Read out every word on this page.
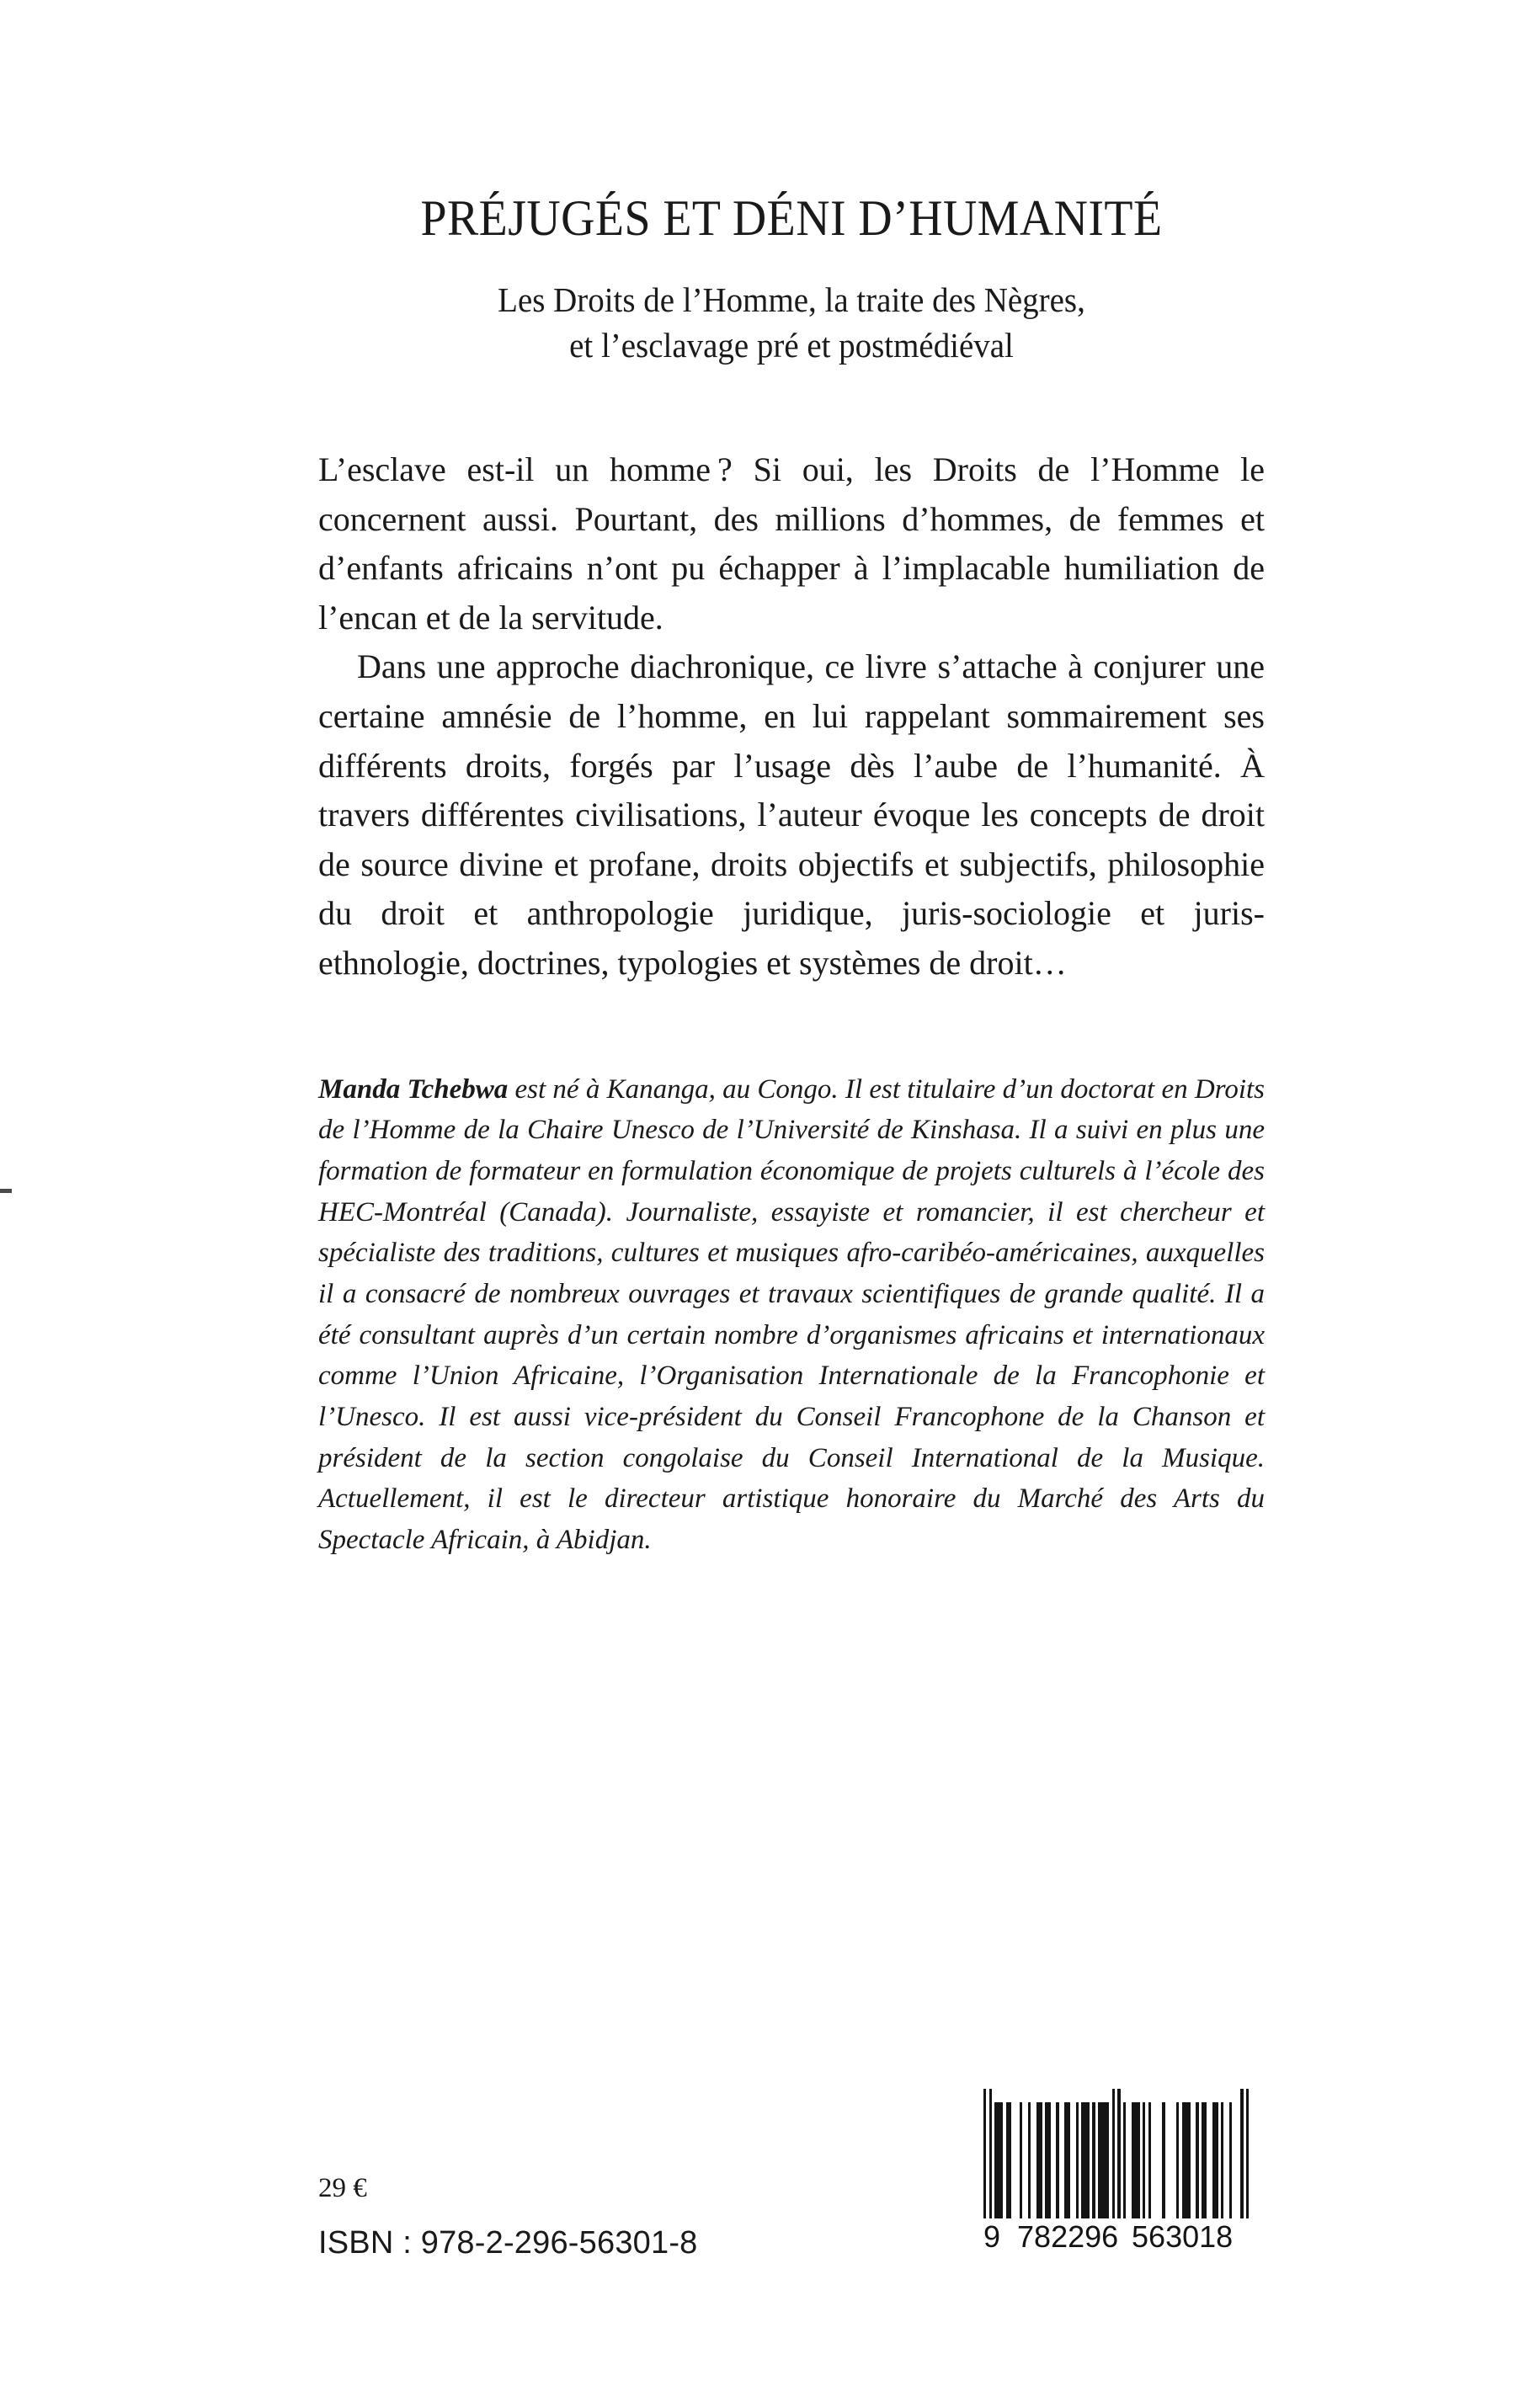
PRÉJUGÉS ET DÉNI D’HUMANITÉ
Les Droits de l’Homme, la traite des Nègres,
et l’esclavage pré et postmédiéval

L’esclave est-il un homme ? Si oui, les Droits de l’Homme le concernent aussi. Pourtant, des millions d’hommes, de femmes et d’enfants africains n’ont pu échapper à l’implacable humiliation de l’encan et de la servitude.

Dans une approche diachronique, ce livre s’attache à conjurer une certaine amnésie de l’homme, en lui rappelant sommairement ses différents droits, forgés par l’usage dès l’aube de l’humanité. À travers différentes civilisations, l’auteur évoque les concepts de droit de source divine et profane, droits objectifs et subjectifs, philosophie du droit et anthropologie juridique, juris-sociologie et juris-ethnologie, doctrines, typologies et systèmes de droit…

Manda Tchebwa est né à Kananga, au Congo. Il est titulaire d’un doctorat en Droits de l’Homme de la Chaire Unesco de l’Université de Kinshasa. Il a suivi en plus une formation de formateur en formulation économique de projets culturels à l’école des HEC-Montréal (Canada). Journaliste, essayiste et romancier, il est chercheur et spécialiste des traditions, cultures et musiques afro-caribéo-américaines, auxquelles il a consacré de nombreux ouvrages et travaux scientifiques de grande qualité. Il a été consultant auprès d’un certain nombre d’organismes africains et internationaux comme l’Union Africaine, l’Organisation Internationale de la Francophonie et l’Unesco. Il est aussi vice-président du Conseil Francophone de la Chanson et président de la section congolaise du Conseil International de la Musique. Actuellement, il est le directeur artistique honoraire du Marché des Arts du Spectacle Africain, à Abidjan.

29 €

ISBN : 978-2-296-56301-8	9 7 8 2 2 9 6 5 6 3 0 1 8
